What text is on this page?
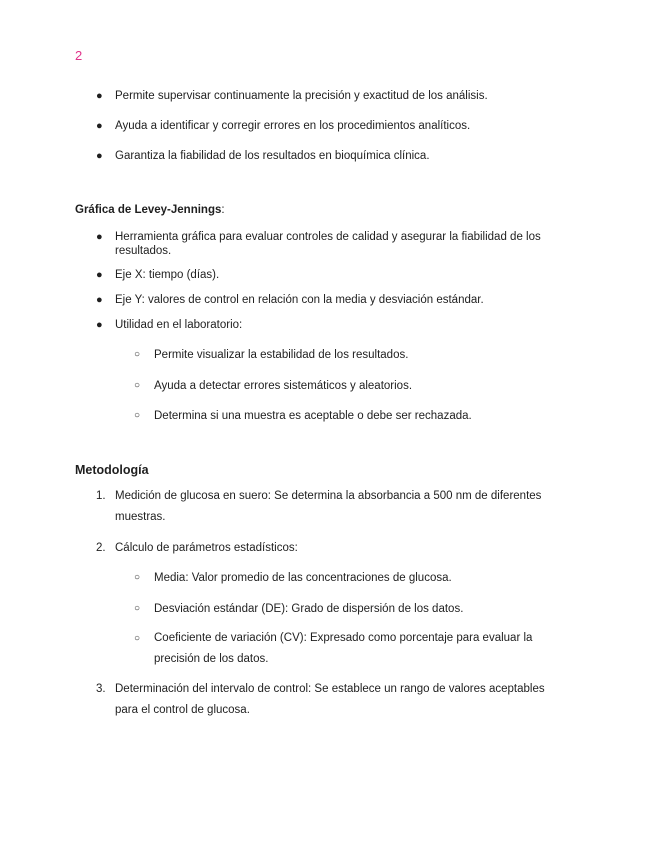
2
● Permite supervisar continuamente la precisión y exactitud de los análisis.
● Ayuda a identificar y corregir errores en los procedimientos analíticos.
● Garantiza la fiabilidad de los resultados en bioquímica clínica.
Gráfica de Levey-Jennings:
● Herramienta gráfica para evaluar controles de calidad y asegurar la fiabilidad de los resultados.
● Eje X: tiempo (días).
● Eje Y: valores de control en relación con la media y desviación estándar.
● Utilidad en el laboratorio:
○ Permite visualizar la estabilidad de los resultados.
○ Ayuda a detectar errores sistemáticos y aleatorios.
○ Determina si una muestra es aceptable o debe ser rechazada.
Metodología
1. Medición de glucosa en suero: Se determina la absorbancia a 500 nm de diferentes muestras.
2. Cálculo de parámetros estadísticos:
○ Media: Valor promedio de las concentraciones de glucosa.
○ Desviación estándar (DE): Grado de dispersión de los datos.
○ Coeficiente de variación (CV): Expresado como porcentaje para evaluar la precisión de los datos.
3. Determinación del intervalo de control: Se establece un rango de valores aceptables para el control de glucosa.
